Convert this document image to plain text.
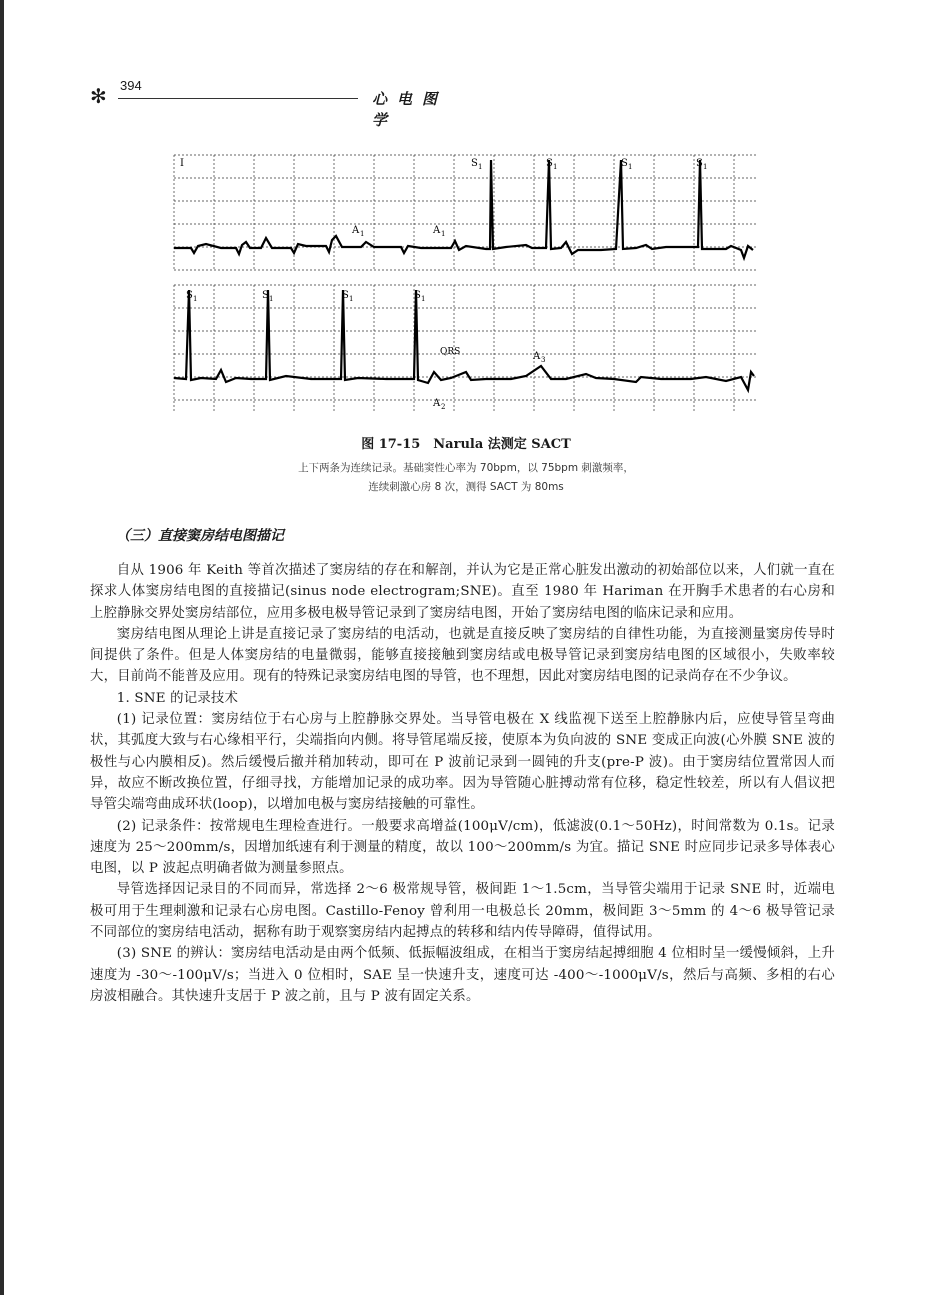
✻ 394
心电图学
I	S 1	S 1	S 1	S 1
A 1	A 1
S 1	S 1	S 1	S 1
QRS	A 3
A 2
图 17-15　Narula 法测定 SACT
上下两条为连续记录。基础窦性心率为 70bpm，以 75bpm 刺激频率，
连续刺激心房 8 次，测得 SACT 为 80ms
（三）直接窦房结电图描记

自从 1906 年 Keith 等首次描述了窦房结的存在和解剖，并认为它是正常心脏发出激动的初始部位以来，人们就一直在探求人体窦房结电图的直接描记(sinus node electrogram;SNE)。直至 1980 年 Hariman 在开胸手术患者的右心房和上腔静脉交界处窦房结部位，应用多极电极导管记录到了窦房结电图，开始了窦房结电图的临床记录和应用。

窦房结电图从理论上讲是直接记录了窦房结的电活动，也就是直接反映了窦房结的自律性功能，为直接测量窦房传导时间提供了条件。但是人体窦房结的电量微弱，能够直接接触到窦房结或电极导管记录到窦房结电图的区域很小，失败率较大，目前尚不能普及应用。现有的特殊记录窦房结电图的导管，也不理想，因此对窦房结电图的记录尚存在不少争议。

1. SNE 的记录技术

(1) 记录位置：窦房结位于右心房与上腔静脉交界处。当导管电极在 X 线监视下送至上腔静脉内后，应使导管呈弯曲状，其弧度大致与右心缘相平行，尖端指向内侧。将导管尾端反接，使原本为负向波的 SNE 变成正向波(心外膜 SNE 波的极性与心内膜相反)。然后缓慢后撤并稍加转动，即可在 P 波前记录到一圆钝的升支(pre-P 波)。由于窦房结位置常因人而异，故应不断改换位置，仔细寻找，方能增加记录的成功率。因为导管随心脏搏动常有位移，稳定性较差，所以有人倡议把导管尖端弯曲成环状(loop)，以增加电极与窦房结接触的可靠性。

(2) 记录条件：按常规电生理检查进行。一般要求高增益(100μV/cm)，低滤波(0.1～50Hz)，时间常数为 0.1s。记录速度为 25～200mm/s，因增加纸速有利于测量的精度，故以 100～200mm/s 为宜。描记 SNE 时应同步记录多导体表心电图，以 P 波起点明确者做为测量参照点。

导管选择因记录目的不同而异，常选择 2～6 极常规导管，极间距 1～1.5cm，当导管尖端用于记录 SNE 时，近端电极可用于生理刺激和记录右心房电图。Castillo-Fenoy 曾利用一电极总长 20mm，极间距 3～5mm 的 4～6 极导管记录不同部位的窦房结电活动，据称有助于观察窦房结内起搏点的转移和结内传导障碍，值得试用。

(3) SNE 的辨认：窦房结电活动是由两个低频、低振幅波组成，在相当于窦房结起搏细胞 4 位相时呈一缓慢倾斜，上升速度为 -30～-100μV/s；当进入 0 位相时，SAE 呈一快速升支，速度可达 -400～-1000μV/s，然后与高频、多相的右心房波相融合。其快速升支居于 P 波之前，且与 P 波有固定关系。
